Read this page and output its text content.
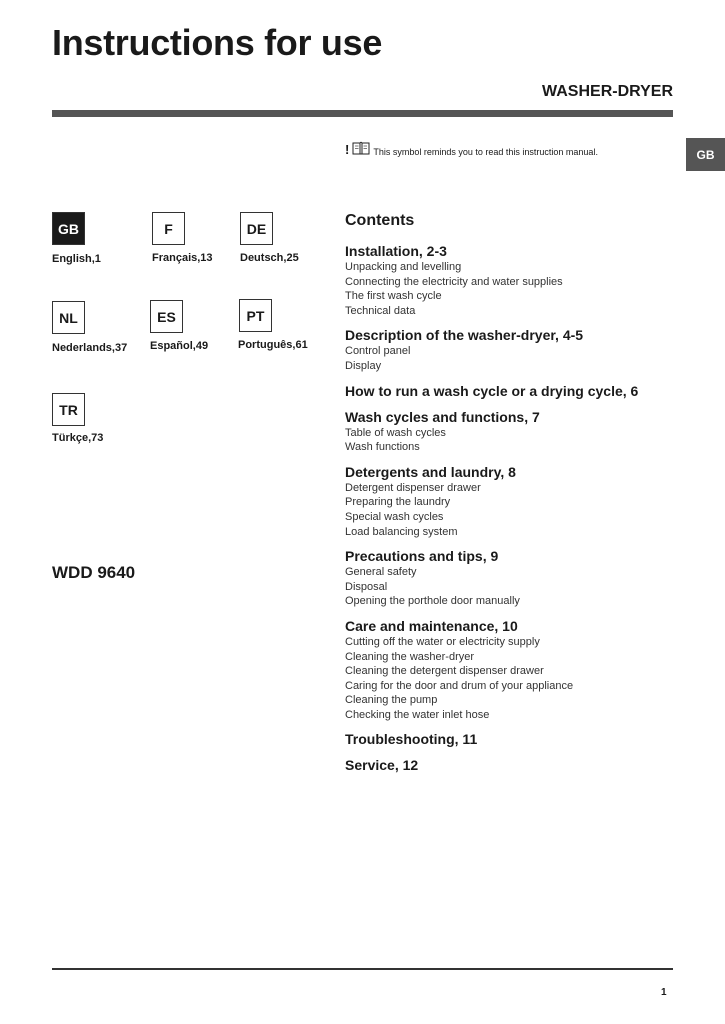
Instructions for use
WASHER-DRYER
GB
!	This symbol reminds you to read this instruction manual.
GB
English,1
F
Français,13
DE
Deutsch,25
NL
Nederlands,37
ES
Español,49
PT
Português,61
TR
Türkçe,73
WDD 9640
Contents
Installation, 2-3
Unpacking and levelling
Connecting the electricity and water supplies
The first wash cycle
Technical data
Description of the washer-dryer, 4-5
Control panel
Display
How to run a wash cycle or a drying cycle, 6
Wash cycles and functions, 7
Table of wash cycles
Wash functions
Detergents and laundry, 8
Detergent dispenser drawer
Preparing the laundry
Special wash cycles
Load balancing system
Precautions and tips, 9
General safety
Disposal
Opening the porthole door manually
Care and maintenance, 10
Cutting off the water or electricity supply
Cleaning the washer-dryer
Cleaning the detergent dispenser drawer
Caring for the door and drum of your appliance
Cleaning the pump
Checking the water inlet hose
Troubleshooting, 11
Service, 12
1
